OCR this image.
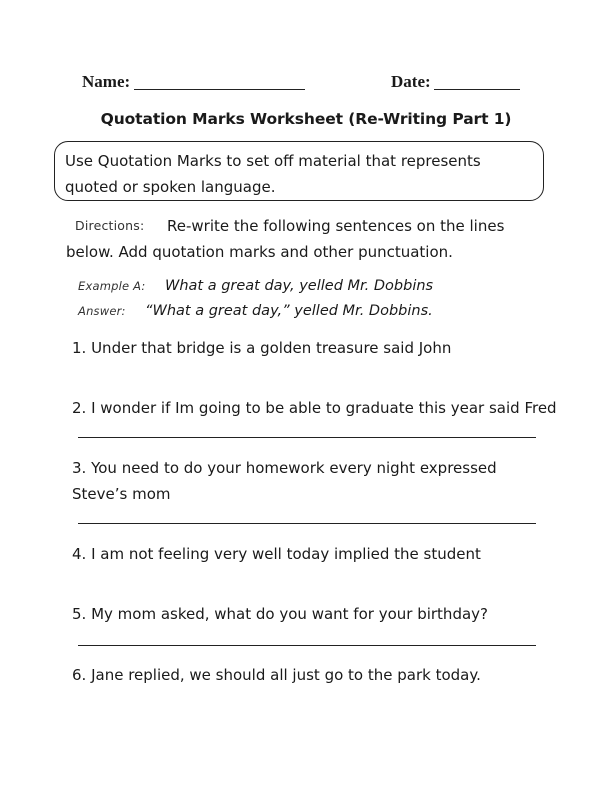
Name:	Date:
Quotation Marks Worksheet (Re-Writing Part 1)
Use Quotation Marks to set off material that represents quoted or spoken language.
Directions: Re-write the following sentences on the lines
below. Add quotation marks and other punctuation.
Example A: What a great day, yelled Mr. Dobbins
Answer: “What a great day,” yelled Mr. Dobbins.
1. Under that bridge is a golden treasure said John
2. I wonder if Im going to be able to graduate this year said Fred
3. You need to do your homework every night expressed
Steve’s mom
4. I am not feeling very well today implied the student
5. My mom asked, what do you want for your birthday?
6. Jane replied, we should all just go to the park today.
